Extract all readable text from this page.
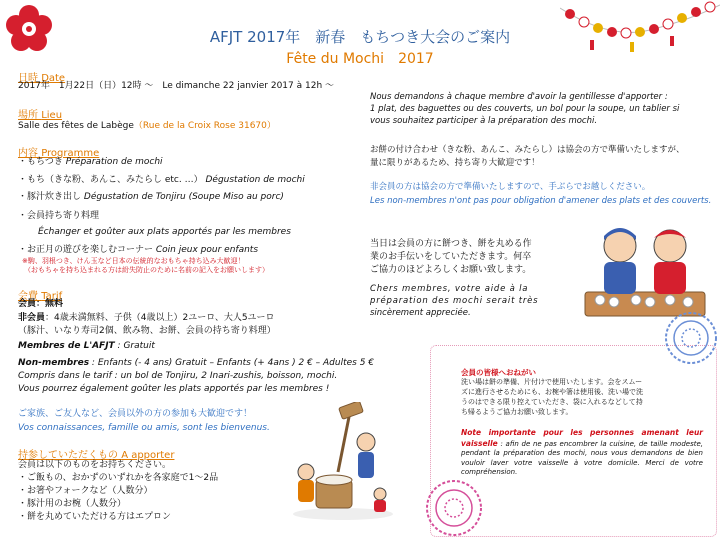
AFJT 2017年　新春　もちつき大会のご案内
Fête du Mochi　2017
日時 Date
2017年　1月22日（日）12時 ～　Le dimanche 22 janvier 2017 à 12h ～
場所 Lieu
Salle des fêtes de Labège（Rue de la Croix Rose 31670）
内容 Programme
・もちつき Préparation de mochi
・もち（きな粉、あんこ、みたらし etc. …） Dégustation de mochi
・豚汁炊き出し Dégustation de Tonjiru (Soupe Miso au porc)
・会員持ち寄り料理
Échanger et goûter aux plats apportés par les membres
・お正月の遊びを楽しむコーナー Coin jeux pour enfants
※駒、羽根つき、けん玉など日本の伝統的なおもちゃ持ち込み大歓迎！
（おもちゃを持ち込まれる方は紛失防止のために名前の記入をお願いします）
会費 Tarif
会員：無料
非会員：4歳未満無料、子供（4歳以上）2ユーロ、大人5ユーロ
（豚汁、いなり寿司2個、飲み物、お餅、会員の持ち寄り料理）
Membres de L'AFJT : Gratuit
Non-membres : Enfants (- 4 ans) Gratuit – Enfants (+ 4ans ) 2 € – Adultes 5 €
Compris dans le tarif : un bol de Tonjiru, 2 Inari-zushis, boisson, mochi.
Vous pourrez également goûter les plats apportés par les membres !
ご家族、ご友人など、会員以外の方の参加も大歓迎です！
Vos connaissances, famille ou amis, sont les bienvenus.
持参していただくもの A apporter
会員は以下のものをお持ちください。
・ご飯もの、おかずのいずれかを各家庭で1～2品
・お箸やフォークなど（人数分）
・豚汁用のお椀（人数分）
・餅を丸めていただける方はエプロン
Nous demandons à chaque membre d'avoir la gentillesse d'apporter :
1 plat, des baguettes ou des couverts, un bol pour la soupe, un tablier si
vous souhaitez participer à la préparation des mochi.
お餅の付け合わせ（きな粉、あんこ、みたらし）は協会の方で準備いたしますが、
量に限りがあるため、持ち寄り大歓迎です！
非会員の方は協会の方で準備いたしますので、手ぶらでお越しください。
Les non-membres n'ont pas pour obligation d'amener des plats et des couverts.
当日は会員の方に餅つき、餅を丸める作
業のお手伝いをしていただきます。何卒
ご協力のほどよろしくお願い致します。
Chers membres, votre aide à la
préparation des mochi serait très
sincèrement appreciée.
会員の皆様へおねがい
洗い場は餅の準備、片付けで使用いたします。会をスムー
ズに進行させるためにも、お椀や箸は使用後、洗い場で洗
うのはできる限り控えていただき、袋に入れるなどして持
ち帰るようご協力お願い致します。
Note importante pour les personnes amenant leur vaisselle : afin de ne pas encombrer la cuisine, de taille modeste, pendant la préparation des mochi, nous vous demandons de bien vouloir laver votre vaisselle à votre domicile. Merci de votre compréhension.
